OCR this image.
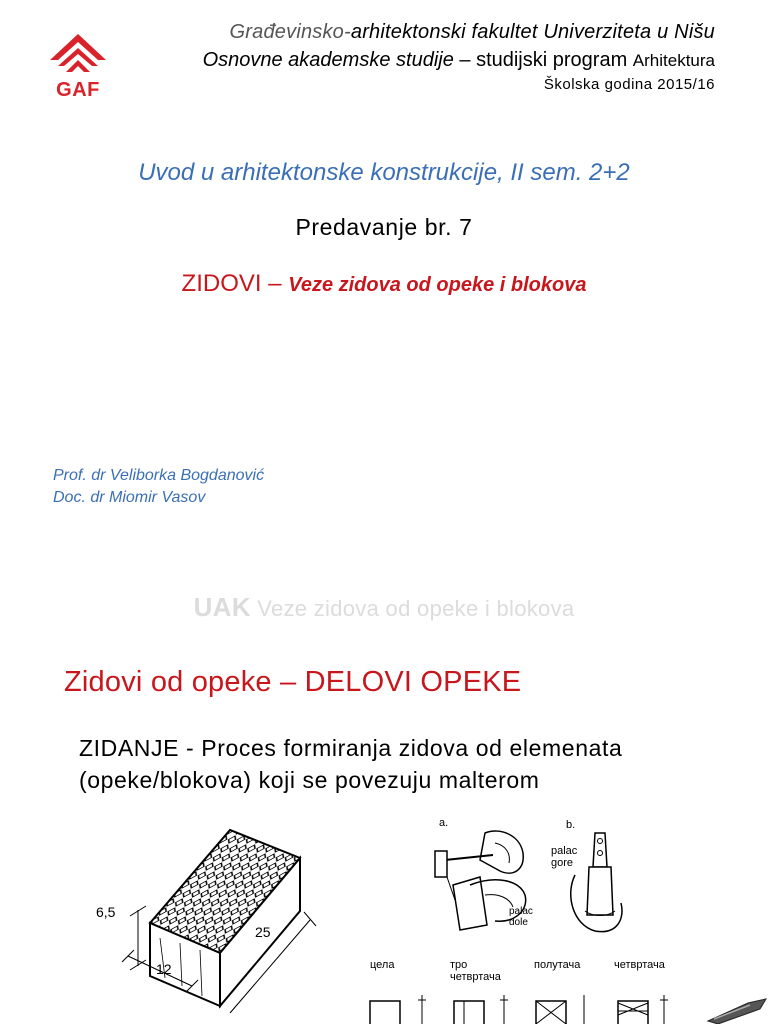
GAF
Građevinsko-arhitektonski fakultet Univerziteta u Nišu
Osnovne akademske studije – studijski program Arhitektura
Školska godina 2015/16
Uvod u arhitektonske konstrukcije, II sem. 2+2
Predavanje br. 7
ZIDOVI – Veze zidova od opeke i blokova
Prof. dr Veliborka Bogdanović
Doc. dr Miomir Vasov
UAK Veze zidova od opeke i blokova
Zidovi od opeke – DELOVI OPEKE
ZIDANJE - Proces formiranja zidova od elemenata
(opeke/blokova) koji se povezuju malterom
6,5
25
12
a.	b.
palac
gore
palac
dole
цела	тро
четвртача
полутача	четвртача
